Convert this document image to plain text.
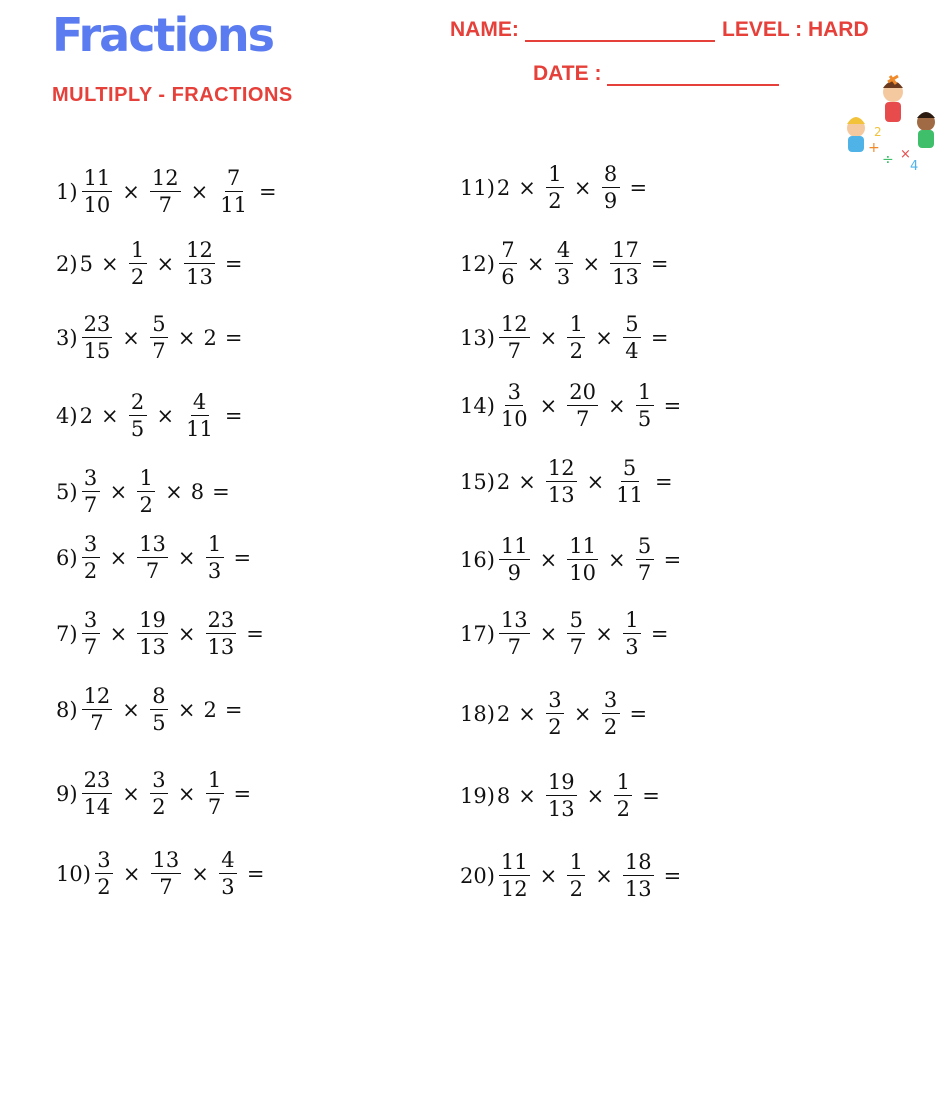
Fractions
MULTIPLY - FRACTIONS
NAME:	LEVEL : HARD
DATE :
+
÷ ×
4
2
$1) \frac{11}{10} \times \frac{12}{7} \times \frac{7}{11}$ =
2) $5 \times \frac{1}{2} \times \frac{12}{13}$ =
$3) \frac{23}{15} \times \frac{5}{7} \times 2$ =
4) $2 \times \frac{2}{5} \times \frac{4}{11}$ =
$5) \frac{3}{7} \times \frac{1}{2} \times 8$ =
$6) \frac{3}{2} \times \frac{13}{7} \times \frac{1}{3}$ =
$7) \frac{3}{7} \times \frac{19}{13} \times \frac{23}{13}$ =
$8) \frac{12}{7} \times \frac{8}{5} \times 2$ =
$9) \frac{23}{14} \times \frac{3}{2} \times \frac{1}{7}$ =
$10) \frac{3}{2} \times \frac{13}{7} \times \frac{4}{3}$ =
11) $2 \times \frac{1}{2} \times \frac{8}{9}$ =
$12) \frac{7}{6} \times \frac{4}{3} \times \frac{17}{13}$ =
$13) \frac{12}{7} \times \frac{1}{2} \times \frac{5}{4}$ =
$14) \frac{3}{10} \times \frac{20}{7} \times \frac{1}{5}$ =
15) $2 \times \frac{12}{13} \times \frac{5}{11}$ =
$16) \frac{11}{9} \times \frac{11}{10} \times \frac{5}{7}$ =
$17) \frac{13}{7} \times \frac{5}{7} \times \frac{1}{3}$ =
18) $2 \times \frac{3}{2} \times \frac{3}{2}$ =
19) $8 \times \frac{19}{13} \times \frac{1}{2}$ =
$20) \frac{11}{12} \times \frac{1}{2} \times \frac{18}{13}$ =
